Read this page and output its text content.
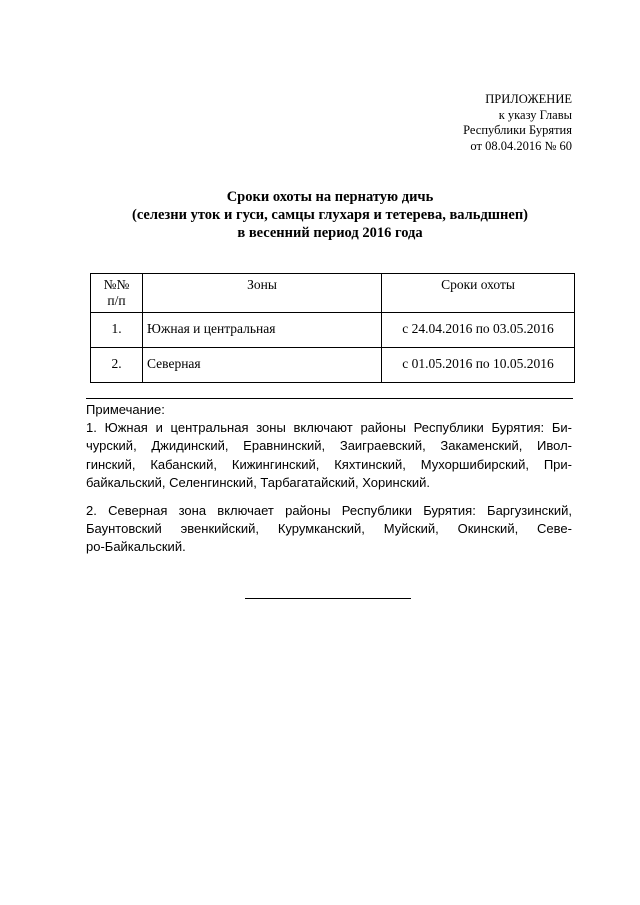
ПРИЛОЖЕНИЕ
к указу Главы
Республики Бурятия
от 08.04.2016 № 60
Сроки охоты на пернатую дичь
(селезни уток и гуси, самцы глухаря и тетерева, вальдшнеп)
в весенний период 2016 года
№№
п/п	Зоны	Сроки охоты
1.	Южная и центральная	с 24.04.2016 по 03.05.2016
2.	Северная	с 01.05.2016 по 10.05.2016
Примечание:

1. Южная и центральная зоны включают районы Республики Бурятия: Би-
чурский, Джидинский, Еравнинский, Заиграевский, Закаменский, Ивол-
гинский, Кабанский, Кижингинский, Кяхтинский, Мухоршибирский, При-
байкальский, Селенгинский, Тарбагатайский, Хоринский.

2. Северная зона включает районы Республики Бурятия: Баргузинский,
Баунтовский эвенкийский, Курумканский, Муйский, Окинский, Севе-
ро-Байкальский.
